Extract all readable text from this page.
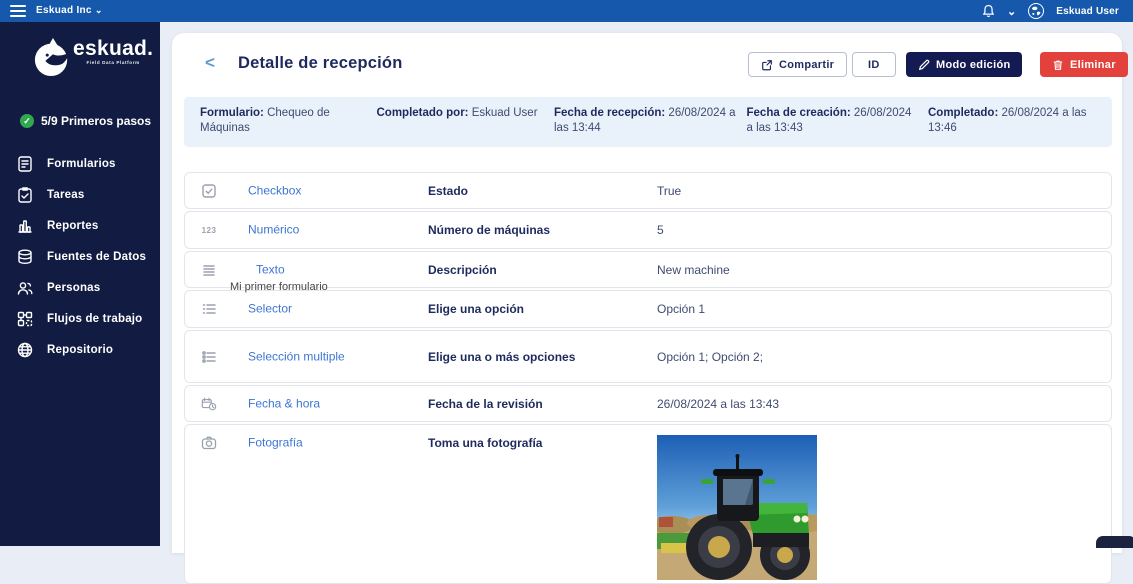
Eskuad Inc ⌄	⌄	Eskuad User
eskuad.
Field Data Platform
✓ 5/9 Primeros pasos
Formularios
Tareas
Reportes
Fuentes de Datos
Personas
Flujos de trabajo
Repositorio
< Detalle de recepción	Compartir	ID	Modo edición	Eliminar
Formulario: Chequeo de Máquinas
Completado por: Eskuad User	Fecha de recepción: 26/08/2024 a las 13:44
Fecha de creación: 26/08/2024 a las 13:43
Completado: 26/08/2024 a las 13:46
Checkbox	Estado	True
123	Numérico	Número de máquinas	5
Texto	Descripción	New machine
Mi primer formulario
Selector	Elige una opción	Opción 1
Selección multiple	Elige una o más opciones	Opción 1; Opción 2;
Fecha & hora	Fecha de la revisión	26/08/2024 a las 13:43
Fotografía	Toma una fotografía
